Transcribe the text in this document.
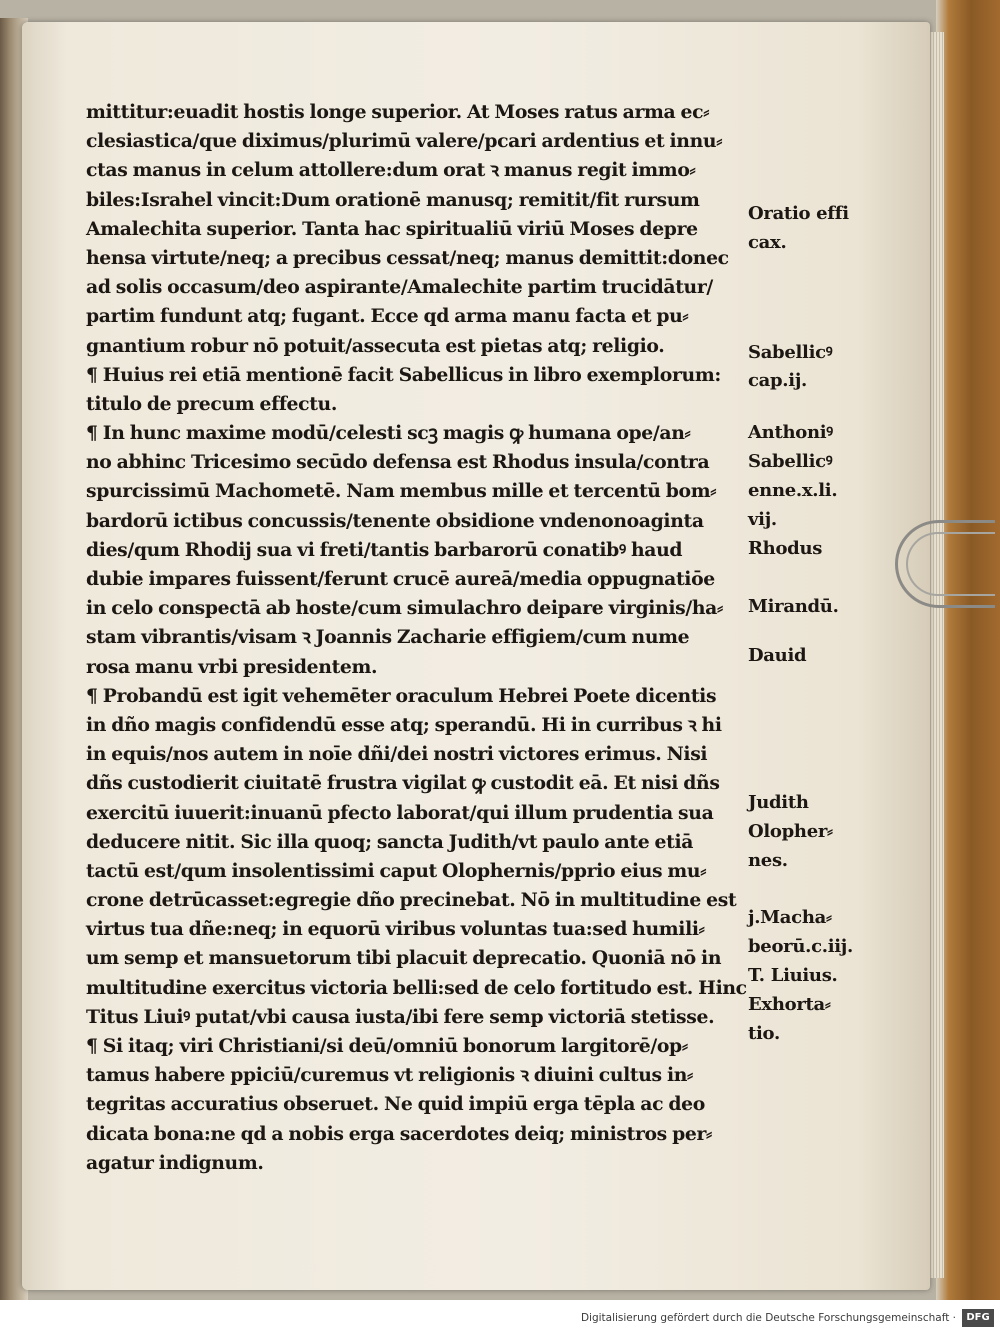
mittitur:euadit hostis longe superior. At Moses ratus arma ec⸗
clesiastica/que diximus/plurimū valere/pcari ardentius et innu⸗
ctas manus in celum attollere:dum orat ꝛ manus regit immo⸗
biles:Israhel vincit:Dum orationē manusq; remitit/fit rursum
Amalechita superior. Tanta hac spiritualiū viriū Moses depre
hensa virtute/neq; a precibus cessat/neq; manus demittit:donec
ad solis occasum/deo aspirante/Amalechite partim trucidātur/
partim fundunt atq; fugant. Ecce qd arma manu facta et pu⸗
gnantium robur nō potuit/assecuta est pietas atq; religio.
¶ Huius rei etiā mentionē facit Sabellicus in libro exemplorum:
titulo de precum effectu.
¶ In hunc maxime modū/celesti scꝫ magis ꝙ humana ope/an⸗
no abhinc Tricesimo secūdo defensa est Rhodus insula/contra
spurcissimū Machometē. Nam membus mille et tercentū bom⸗
bardorū ictibus concussis/tenente obsidione vndenonoaginta
dies/qum Rhodij sua vi freti/tantis barbarorū conatibꝰ haud
dubie impares fuissent/ferunt crucē aureā/media oppugnatiōe
in celo conspectā ab hoste/cum simulachro deipare virginis/ha⸗
stam vibrantis/visam ꝛ Joannis Zacharie effigiem/cum nume
rosa manu vrbi presidentem.
¶ Probandū est igit vehemēter oraculum Hebrei Poete dicentis
in dño magis confidendū esse atq; sperandū. Hi in curribus ꝛ hi
in equis/nos autem in noīe dñi/dei nostri victores erimus. Nisi
dñs custodierit ciuitatē frustra vigilat ꝙ custodit eā. Et nisi dñs
exercitū iuuerit:inuanū pfecto laborat/qui illum prudentia sua
deducere nitit. Sic illa quoq; sancta Judith/vt paulo ante etiā
tactū est/qum insolentissimi caput Olophernis/pprio eius mu⸗
crone detrūcasset:egregie dño precinebat. Nō in multitudine est
virtus tua dñe:neq; in equorū viribus voluntas tua:sed humili⸗
um semp et mansuetorum tibi placuit deprecatio. Quoniā nō in
multitudine exercitus victoria belli:sed de celo fortitudo est. Hinc
Titus Liuiꝰ putat/vbi causa iusta/ibi fere semp victoriā stetisse.
¶ Si itaq; viri Christiani/si deū/omniū bonorum largitorē/op⸗
tamus habere ppiciū/curemus vt religionis ꝛ diuini cultus in⸗
tegritas accuratius obseruet. Ne quid impiū erga tēpla ac deo
dicata bona:ne qd a nobis erga sacerdotes deiq; ministros per⸗
agatur indignum.
Oratio effi
cax.
Sabellicꝰ
cap.ij.
Anthoniꝰ
Sabellicꝰ
enne.x.li.
vij.
Rhodus
Mirandū.
Dauid
Judith
Olopher⸗
nes.
j.Macha⸗
beorū.c.iij.
T. Liuius.
Exhorta⸗
tio.
Digitalisierung gefördert durch die Deutsche Forschungsgemeinschaft ·	DFG
